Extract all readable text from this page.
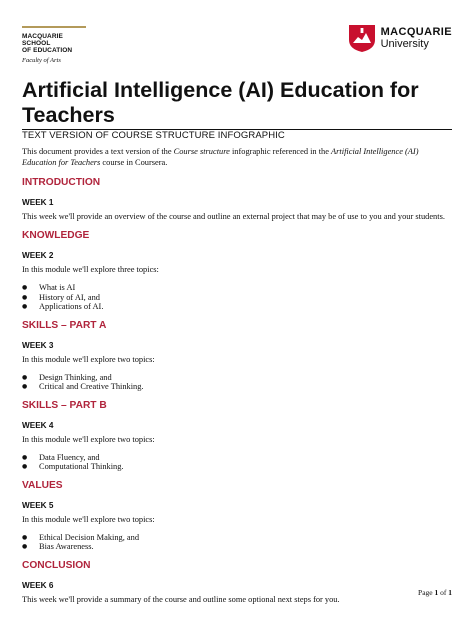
MACQUARIE SCHOOL
OF EDUCATION
Faculty of Arts
MACQUARIE
University
Artificial Intelligence (AI) Education for Teachers
TEXT VERSION OF COURSE STRUCTURE INFOGRAPHIC

This document provides a text version of the Course structure infographic referenced in the Artificial Intelligence (AI) Education for Teachers course in Coursera.

INTRODUCTION
WEEK 1

This week we'll provide an overview of the course and outline an external project that may be of use to you and your students.

KNOWLEDGE
WEEK 2

In this module we'll explore three topics:

● What is AI
● History of AI, and
● Applications of AI.
SKILLS – PART A
WEEK 3

In this module we'll explore two topics:

● Design Thinking, and
● Critical and Creative Thinking.
SKILLS – PART B
WEEK 4

In this module we'll explore two topics:

● Data Fluency, and
● Computational Thinking.
VALUES
WEEK 5

In this module we'll explore two topics:

● Ethical Decision Making, and
● Bias Awareness.
CONCLUSION
WEEK 6

This week we'll provide a summary of the course and outline some optional next steps for you.

Page 1 of 1
